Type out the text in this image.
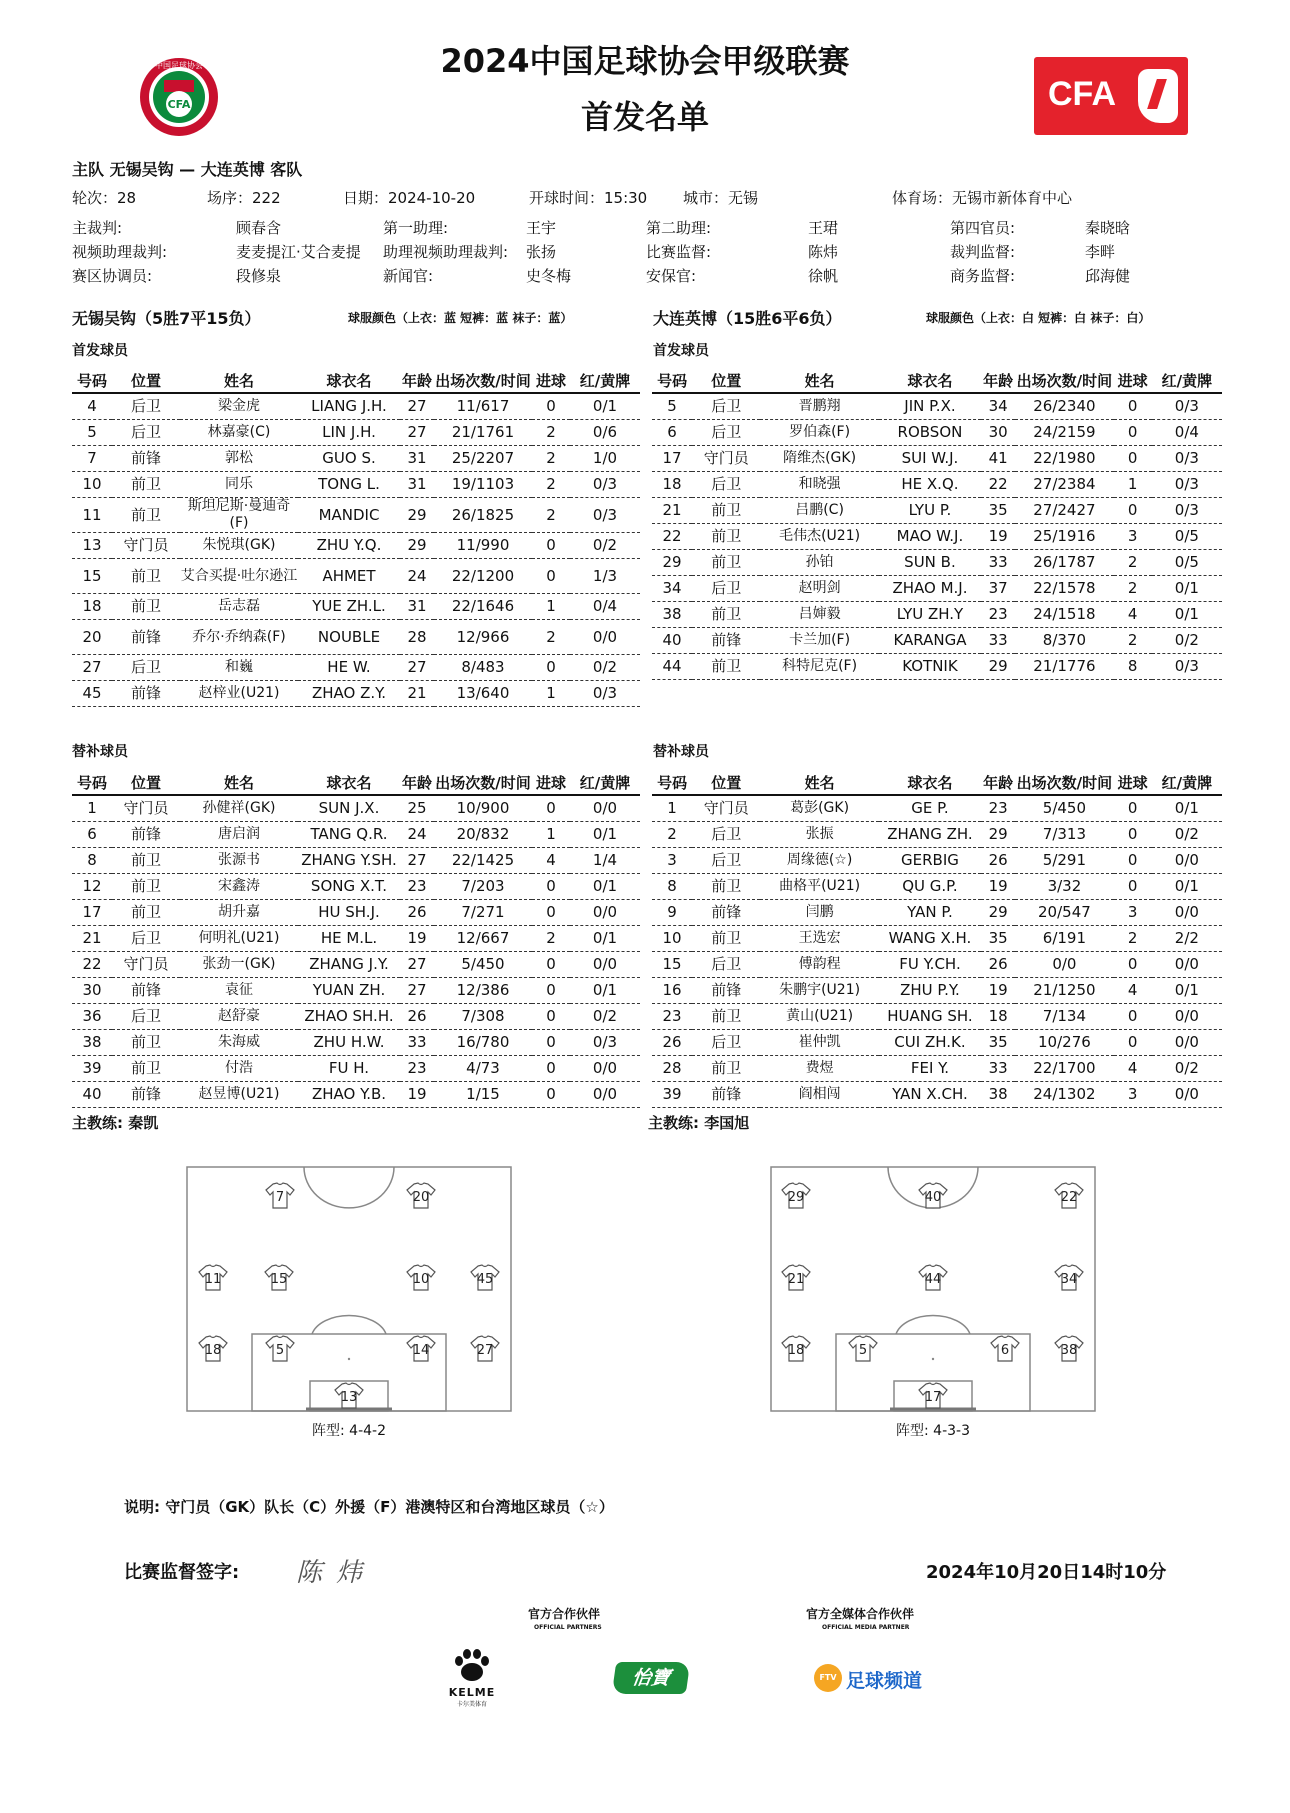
2024中国足球协会甲级联赛
首发名单
CFA
中国足球协会
CFA
主队 无锡吴钩 — 大连英博 客队
轮次：28	场序：222	日期：2024-10-20	开球时间：15:30 城市：无锡	体育场：无锡市新体育中心
主裁判:	顾春含	第一助理:	王宇	第二助理:	王珺	第四官员:	秦晓晗
视频助理裁判:	麦麦提江·艾合麦提 助理视频助理裁判: 张扬	比赛监督:	陈炜	裁判监督:	李畔
赛区协调员:	段修泉	新闻官:	史冬梅	安保官:	徐帆	商务监督:	邱海健
无锡吴钩（5胜7平15负）	球服颜色（上衣：蓝 短裤：蓝 袜子：蓝）	大连英博（15胜6平6负）	球服颜色（上衣：白 短裤：白 袜子：白）
首发球员	首发球员
号码	位置	姓名	球衣名	年龄	出场次数/时间	进球	红/黄牌
4	后卫	梁金虎	LIANG J.H.	27	11/617	0	0/1
5	后卫	林嘉豪(C)	LIN J.H.	27	21/1761	2	0/6
7	前锋	郭松	GUO S.	31	25/2207	2	1/0
10	前卫	同乐	TONG L.	31	19/1103	2	0/3
11	前卫	斯坦尼斯·曼迪奇(F)	MANDIC	29	26/1825	2	0/3
13	守门员	朱悦琪(GK)	ZHU Y.Q.	29	11/990	0	0/2
15	前卫	艾合买提·吐尔逊江	AHMET	24	22/1200	0	1/3
18	前卫	岳志磊	YUE ZH.L.	31	22/1646	1	0/4
20	前锋	乔尔·乔纳森(F)	NOUBLE	28	12/966	2	0/0
27	后卫	和巍	HE W.	27	8/483	0	0/2
45	前锋	赵梓业(U21)	ZHAO Z.Y.	21	13/640	1	0/3
号码	位置	姓名	球衣名	年龄	出场次数/时间	进球	红/黄牌
5	后卫	晋鹏翔	JIN P.X.	34	26/2340	0	0/3
6	后卫	罗伯森(F)	ROBSON	30	24/2159	0	0/4
17	守门员	隋维杰(GK)	SUI W.J.	41	22/1980	0	0/3
18	后卫	和晓强	HE X.Q.	22	27/2384	1	0/3
21	前卫	吕鹏(C)	LYU P.	35	27/2427	0	0/3
22	前卫	毛伟杰(U21)	MAO W.J.	19	25/1916	3	0/5
29	前卫	孙铂	SUN B.	33	26/1787	2	0/5
34	后卫	赵明剑	ZHAO M.J.	37	22/1578	2	0/1
38	前卫	吕婶毅	LYU ZH.Y	23	24/1518	4	0/1
40	前锋	卡兰加(F)	KARANGA	33	8/370	2	0/2
44	前卫	科特尼克(F)	KOTNIK	29	21/1776	8	0/3
替补球员	替补球员
号码	位置	姓名	球衣名	年龄	出场次数/时间	进球	红/黄牌
1	守门员	孙健祥(GK)	SUN J.X.	25	10/900	0	0/0
6	前锋	唐启润	TANG Q.R.	24	20/832	1	0/1
8	前卫	张源书	ZHANG Y.SH.	27	22/1425	4	1/4
12	前卫	宋鑫涛	SONG X.T.	23	7/203	0	0/1
17	前卫	胡升嘉	HU SH.J.	26	7/271	0	0/0
21	后卫	何明礼(U21)	HE M.L.	19	12/667	2	0/1
22	守门员	张劲一(GK)	ZHANG J.Y.	27	5/450	0	0/0
30	前锋	袁征	YUAN ZH.	27	12/386	0	0/1
36	后卫	赵舒豪	ZHAO SH.H.	26	7/308	0	0/2
38	前卫	朱海威	ZHU H.W.	33	16/780	0	0/3
39	前卫	付浩	FU H.	23	4/73	0	0/0
40	前锋	赵昱博(U21)	ZHAO Y.B.	19	1/15	0	0/0
号码	位置	姓名	球衣名	年龄	出场次数/时间	进球	红/黄牌
1	守门员	葛彭(GK)	GE P.	23	5/450	0	0/1
2	后卫	张振	ZHANG ZH.	29	7/313	0	0/2
3	后卫	周缘德(☆)	GERBIG	26	5/291	0	0/0
8	前卫	曲格平(U21)	QU G.P.	19	3/32	0	0/1
9	前锋	闫鹏	YAN P.	29	20/547	3	0/0
10	前卫	王选宏	WANG X.H.	35	6/191	2	2/2
15	后卫	傅韵程	FU Y.CH.	26	0/0	0	0/0
16	前锋	朱鹏宇(U21)	ZHU P.Y.	19	21/1250	4	0/1
23	前卫	黄山(U21)	HUANG SH.	18	7/134	0	0/0
26	后卫	崔仲凯	CUI ZH.K.	35	10/276	0	0/0
28	前卫	费煜	FEI Y.	33	22/1700	4	0/2
39	前锋	阎相闯	YAN X.CH.	38	24/1302	3	0/0
主教练: 秦凯	主教练: 李国旭
7	20
11	15	10	45
18	5	14	27
13
29	40	22
21	44	34
18	5	6	38
17
阵型: 4-4-2	阵型: 4-3-3
说明: 守门员（GK）队长（C）外援（F）港澳特区和台湾地区球员（☆）
比赛监督签字: 陈炜	2024年10月20日14时10分
官方合作伙伴
OFFICIAL PARTNERS
官方全媒体合作伙伴
OFFICIAL MEDIA PARTNER
KELME
卡尔美体育
怡寶	FTV 足球频道
